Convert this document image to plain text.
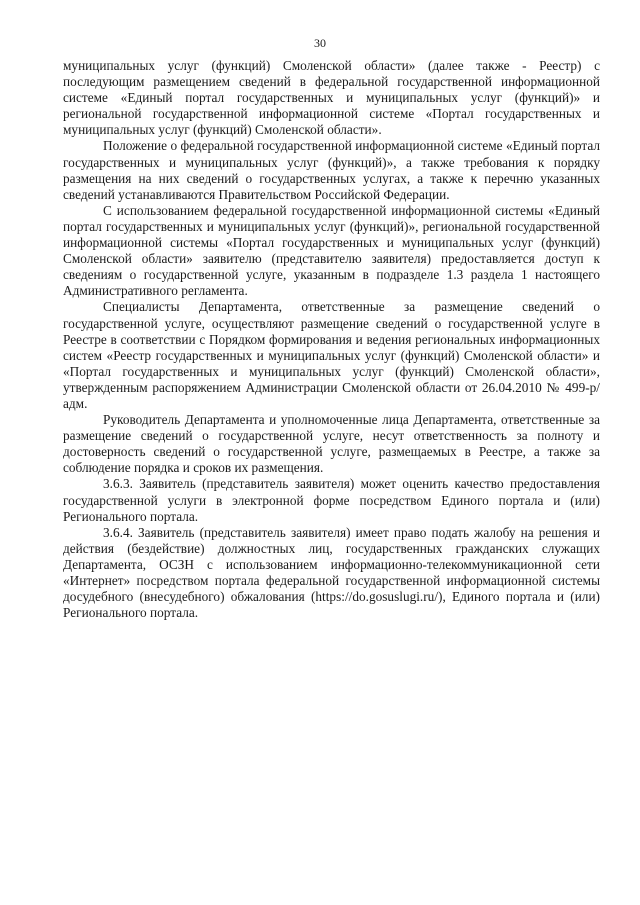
30

муниципальных услуг (функций) Смоленской области» (далее также - Реестр) с последующим размещением сведений в федеральной государственной информационной системе «Единый портал государственных и муниципальных услуг (функций)» и региональной государственной информационной системе «Портал государственных и муниципальных услуг (функций) Смоленской области».

Положение о федеральной государственной информационной системе «Единый портал государственных и муниципальных услуг (функций)», а также требования к порядку размещения на них сведений о государственных услугах, а также к перечню указанных сведений устанавливаются Правительством Российской Федерации.

С использованием федеральной государственной информационной системы «Единый портал государственных и муниципальных услуг (функций)», региональной государственной информационной системы «Портал государственных и муниципальных услуг (функций) Смоленской области» заявителю (представителю заявителя) предоставляется доступ к сведениям о государственной услуге, указанным в подразделе 1.3 раздела 1 настоящего Административного регламента.

Специалисты Департамента, ответственные за размещение сведений о государственной услуге, осуществляют размещение сведений о государственной услуге в Реестре в соответствии с Порядком формирования и ведения региональных информационных систем «Реестр государственных и муниципальных услуг (функций) Смоленской области» и «Портал государственных и муниципальных услуг (функций) Смоленской области», утвержденным распоряжением Администрации Смоленской области от 26.04.2010 № 499-р/адм.

Руководитель Департамента и уполномоченные лица Департамента, ответственные за размещение сведений о государственной услуге, несут ответственность за полноту и достоверность сведений о государственной услуге, размещаемых в Реестре, а также за соблюдение порядка и сроков их размещения.

3.6.3. Заявитель (представитель заявителя) может оценить качество предоставления государственной услуги в электронной форме посредством Единого портала и (или) Регионального портала.

3.6.4. Заявитель (представитель заявителя) имеет право подать жалобу на решения и действия (бездействие) должностных лиц, государственных гражданских служащих Департамента, ОСЗН с использованием информационно-телекоммуникационной сети «Интернет» посредством портала федеральной государственной информационной системы досудебного (внесудебного) обжалования (https://do.gosuslugi.ru/), Единого портала и (или) Регионального портала.
